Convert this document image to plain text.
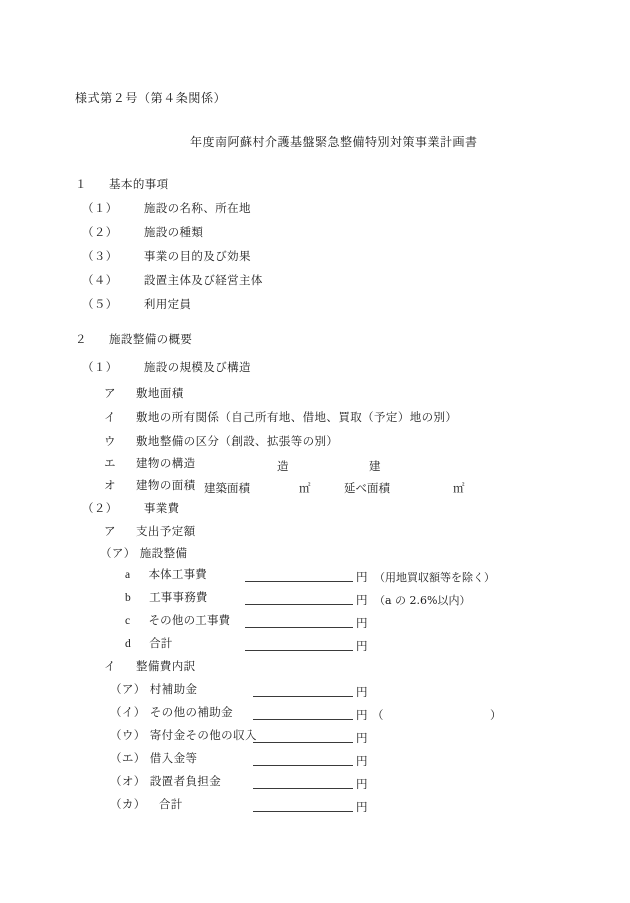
様式第２号（第４条関係）
年度南阿蘇村介護基盤緊急整備特別対策事業計画書
１ 基本的事項
（１） 施設の名称、所在地
（２） 施設の種類
（３） 事業の目的及び効果
（４） 設置主体及び経営主体
（５） 利用定員
２ 施設整備の概要
（１） 施設の規模及び構造
ア 敷地面積
イ 敷地の所有関係（自己所有地、借地、買取（予定）地の別）
ウ 敷地整備の区分（創設、拡張等の別）
エ 建物の構造	造	建
オ 建物の面積 建築面積	㎡	延べ面積	㎡
（２） 事業費
ア 支出予定額
（ア） 施設整備
a 本体工事費	円 （用地買収額等を除く）
b 工事事務費	円 （a の 2.6%以内）
c その他の工事費	円
d 合計	円
イ 整備費内訳
（ア） 村補助金	円
（イ） その他の補助金	円 （	）
（ウ） 寄付金その他の収入	円
（エ） 借入金等	円
（オ） 設置者負担金	円
（カ） 合計	円
